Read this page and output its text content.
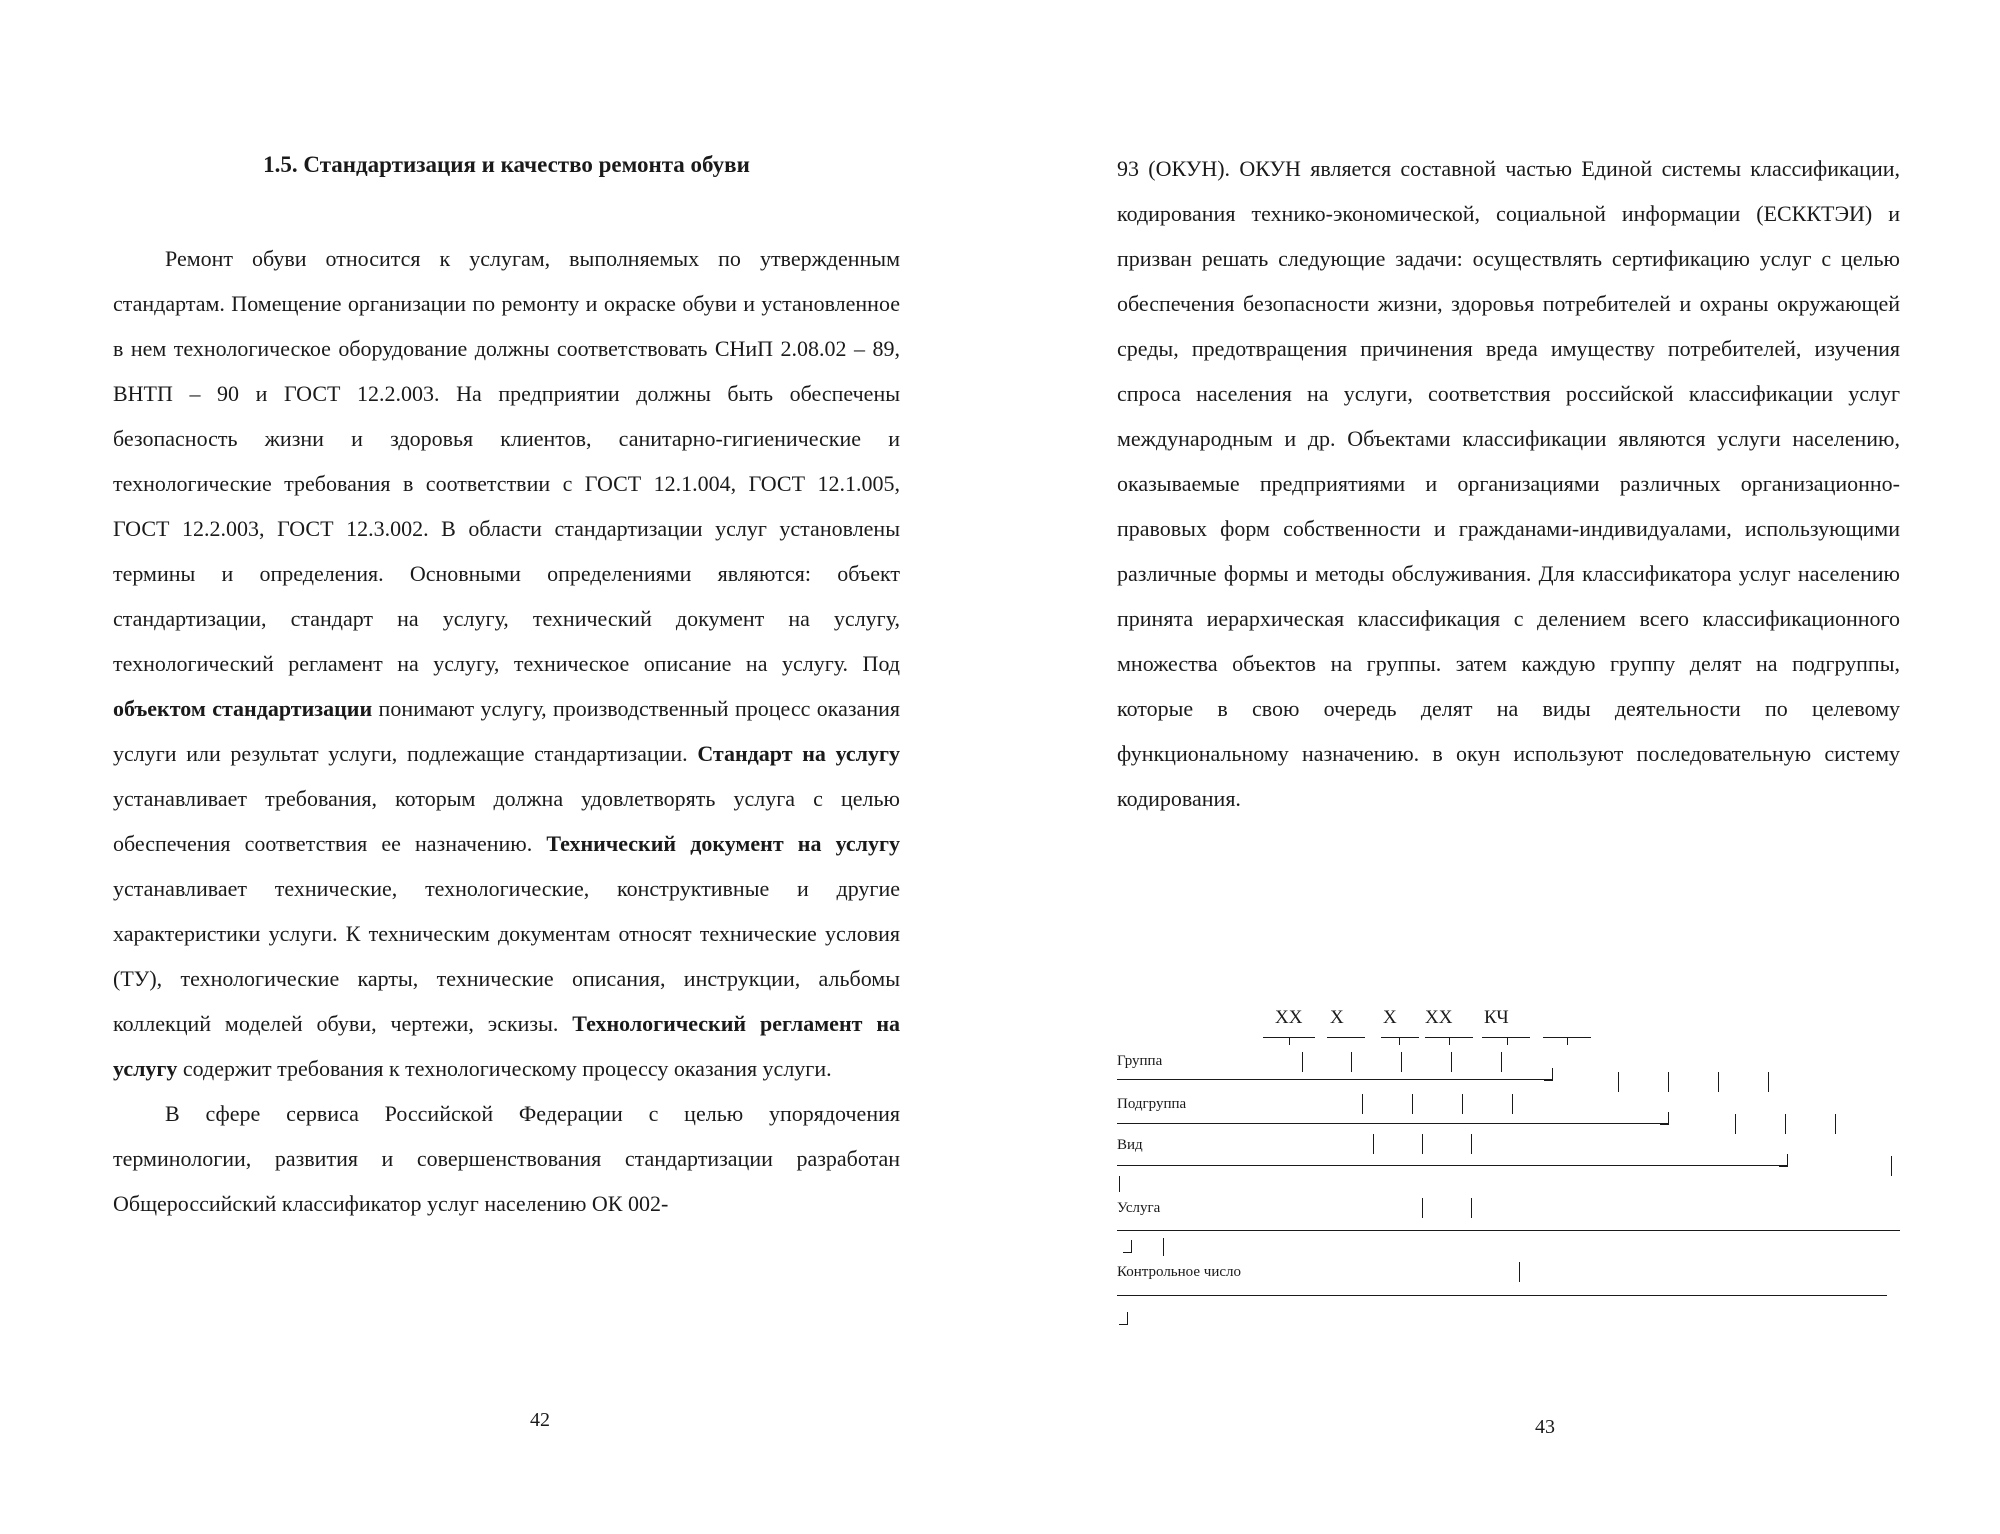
1.5. Стандартизация и качество ремонта обуви

Ремонт обуви относится к услугам, выполняемых по утвержденным стандартам. Помещение организации по ремонту и окраске обуви и установленное в нем технологическое оборудование должны соответствовать СНиП 2.08.02 – 89, ВНТП – 90 и ГОСТ 12.2.003. На предприятии должны быть обеспечены безопасность жизни и здоровья клиентов, санитарно-гигиенические и технологические требования в соответствии с ГОСТ 12.1.004, ГОСТ 12.1.005, ГОСТ 12.2.003, ГОСТ 12.3.002. В области стандартизации услуг установлены термины и определения. Основными определениями являются: объект стандартизации, стандарт на услугу, технический документ на услугу, технологический регламент на услугу, техническое описание на услугу. Под объектом стандартизации понимают услугу, производственный процесс оказания услуги или результат услуги, подлежащие стандартизации. Стандарт на услугу устанавливает требования, которым должна удовлетворять услуга с целью обеспечения соответствия ее назначению. Технический документ на услугу устанавливает технические, технологические, конструктивные и другие характеристики услуги. К техническим документам относят технические условия (ТУ), технологические карты, технические описания, инструкции, альбомы коллекций моделей обуви, чертежи, эскизы. Технологический регламент на услугу содержит требования к технологическому процессу оказания услуги.

В сфере сервиса Российской Федерации с целью упорядочения терминологии, развития и совершенствования стандартизации разработан Общероссийский классификатор услуг населению ОК 002-

42

93 (ОКУН). ОКУН является составной частью Единой системы классификации, кодирования технико-экономической, социальной информации (ЕСККТЭИ) и призван решать следующие задачи: осуществлять сертификацию услуг с целью обеспечения безопасности жизни, здоровья потребителей и охраны окружающей среды, предотвращения причинения вреда имуществу потребителей, изучения спроса населения на услуги, соответствия российской классификации услуг международным и др. Объектами классификации являются услуги населению, оказываемые предприятиями и организациями различных организационно-правовых форм собственности и гражданами-индивидуалами, использующими различные формы и методы обслуживания. Для классификатора услуг населению принята иерархическая классификация с делением всего классификационного множества объектов на группы. затем каждую группу делят на подгруппы, которые в свою очередь делят на виды деятельности по целевому функциональному назначению. в окун используют последовательную систему кодирования.

ХХ Х Х ХХ КЧ
Группа
Подгруппа
Вид
Услуга
Контрольное число
43
